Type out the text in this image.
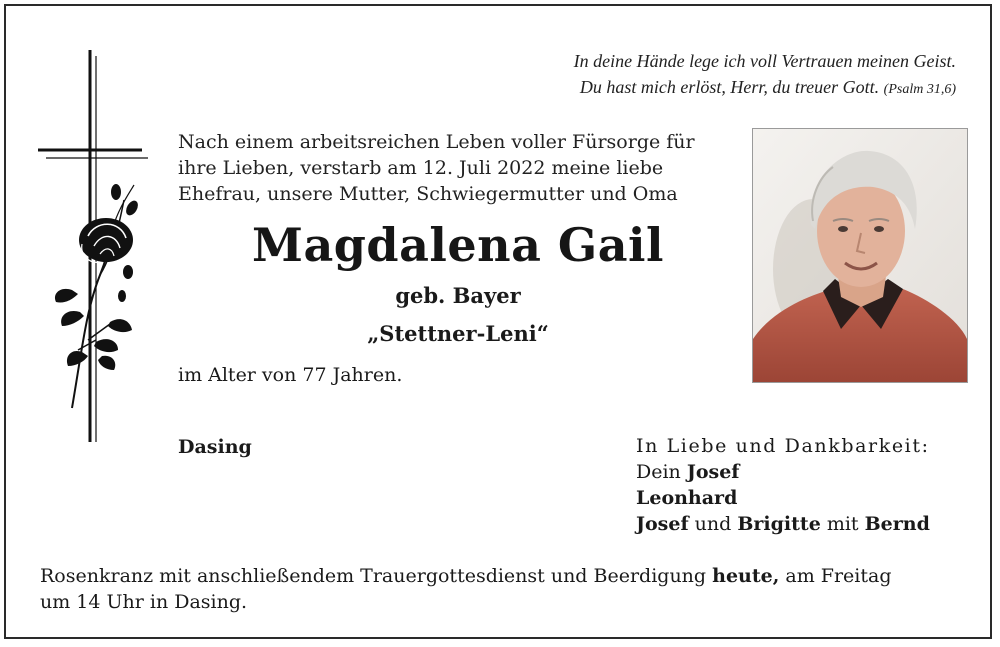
In deine Hände lege ich voll Vertrauen meinen Geist.
Du hast mich erlöst, Herr, du treuer Gott. (Psalm 31,6)
Nach einem arbeitsreichen Leben voller Fürsorge für
ihre Lieben, verstarb am 12. Juli 2022 meine liebe
Ehefrau, unsere Mutter, Schwiegermutter und Oma
Magdalena Gail
geb. Bayer
„Stettner-Leni“
im Alter von 77 Jahren.
Dasing	In Liebe und Dankbarkeit:
Dein Josef
Leonhard
Josef und Brigitte mit Bernd
Rosenkranz mit anschließendem Trauergottesdienst und Beerdigung heute, am Freitag
um 14 Uhr in Dasing.
